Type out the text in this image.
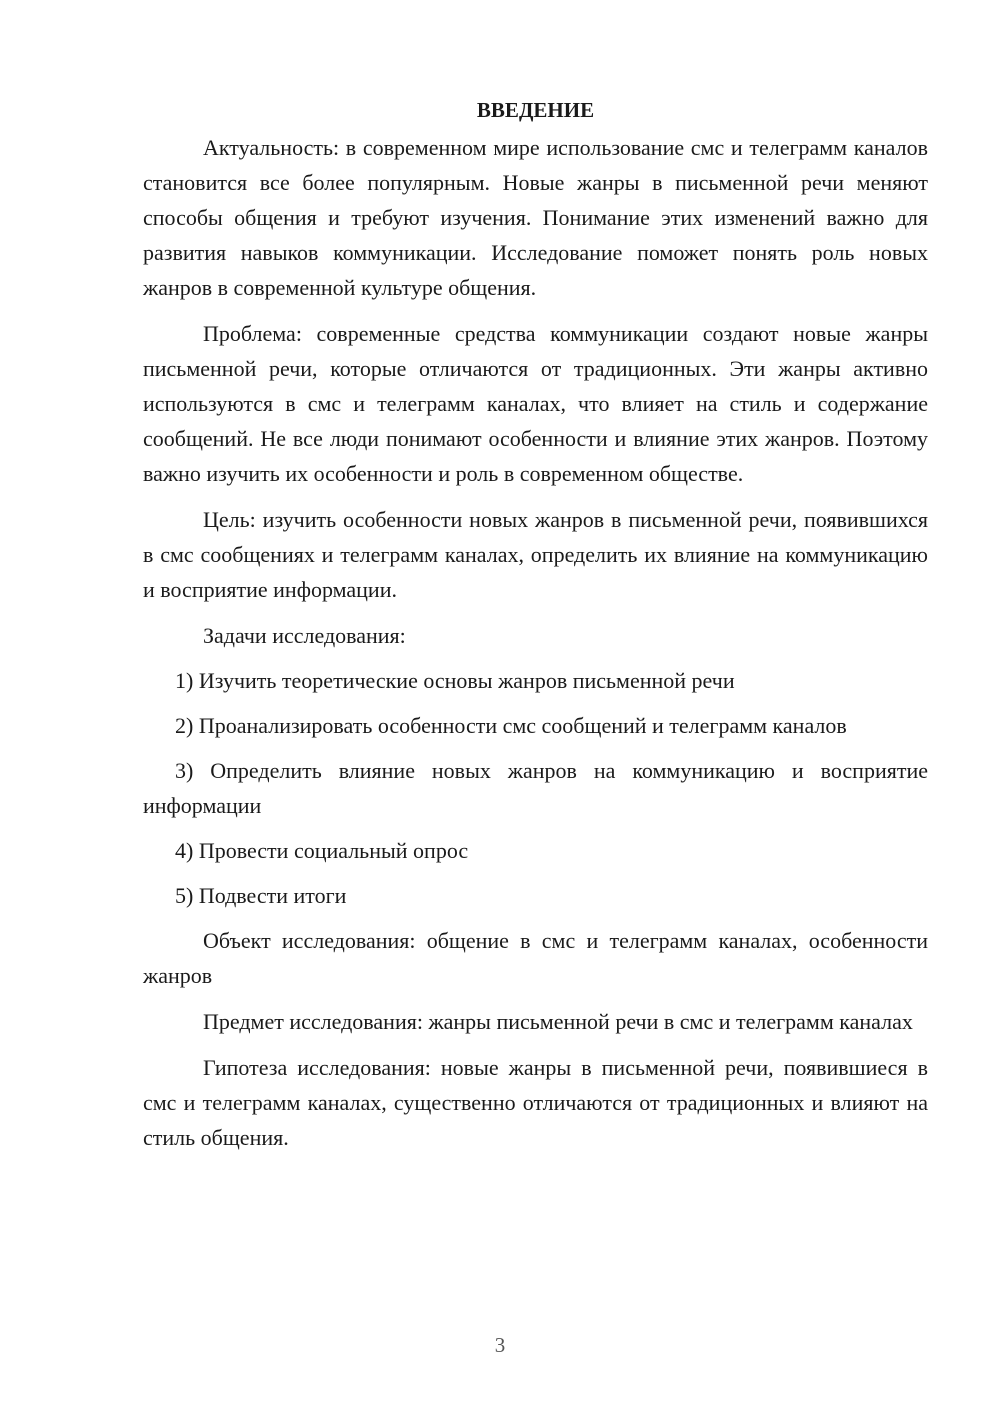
ВВЕДЕНИЕ

Актуальность: в современном мире использование смс и телеграмм каналов становится все более популярным. Новые жанры в письменной речи меняют способы общения и требуют изучения. Понимание этих изменений важно для развития навыков коммуникации. Исследование поможет понять роль новых жанров в современной культуре общения.

Проблема: современные средства коммуникации создают новые жанры письменной речи, которые отличаются от традиционных. Эти жанры активно используются в смс и телеграмм каналах, что влияет на стиль и содержание сообщений. Не все люди понимают особенности и влияние этих жанров. Поэтому важно изучить их особенности и роль в современном обществе.

Цель: изучить особенности новых жанров в письменной речи, появившихся в смс сообщениях и телеграмм каналах, определить их влияние на коммуникацию и восприятие информации.

Задачи исследования:

1) Изучить теоретические основы жанров письменной речи

2) Проанализировать особенности смс сообщений и телеграмм каналов

3) Определить влияние новых жанров на коммуникацию и восприятие информации

4) Провести социальный опрос

5) Подвести итоги

Объект исследования: общение в смс и телеграмм каналах, особенности жанров

Предмет исследования: жанры письменной речи в смс и телеграмм каналах

Гипотеза исследования: новые жанры в письменной речи, появившиеся в смс и телеграмм каналах, существенно отличаются от традиционных и влияют на стиль общения.

3
